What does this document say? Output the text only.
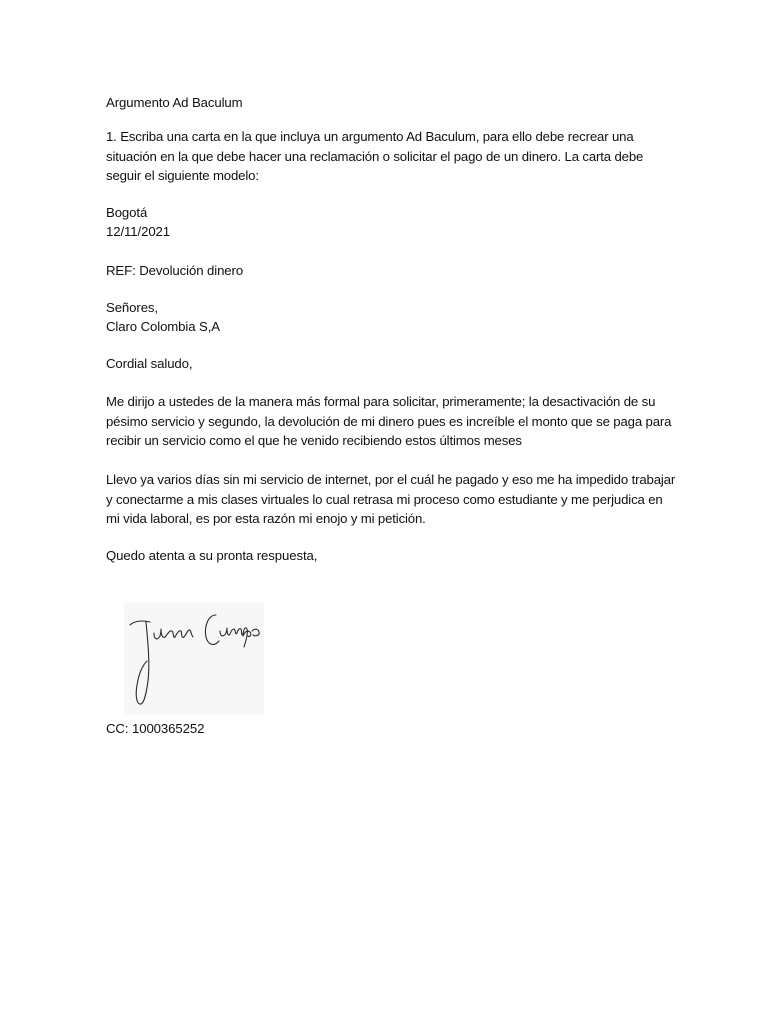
Argumento Ad Baculum

1. Escriba una carta en la que incluya un argumento Ad Baculum, para ello debe recrear una
situación en la que debe hacer una reclamación o solicitar el pago de un dinero. La carta debe
seguir el siguiente modelo:

Bogotá

12/11/2021

REF: Devolución dinero

Señores,

Claro Colombia S,A

Cordial saludo,

Me dirijo a ustedes de la manera más formal para solicitar, primeramente; la desactivación de su
pésimo servicio y segundo, la devolución de mi dinero pues es increíble el monto que se paga para
recibir un servicio como el que he venido recibiendo estos últimos meses
Llevo ya varios días sin mi servicio de internet, por el cuál he pagado y eso me ha impedido trabajar
y conectarme a mis clases virtuales lo cual retrasa mi proceso como estudiante y me perjudica en
mi vida laboral, es por esta razón mi enojo y mi petición.

Quedo atenta a su pronta respuesta,

CC: 1000365252
